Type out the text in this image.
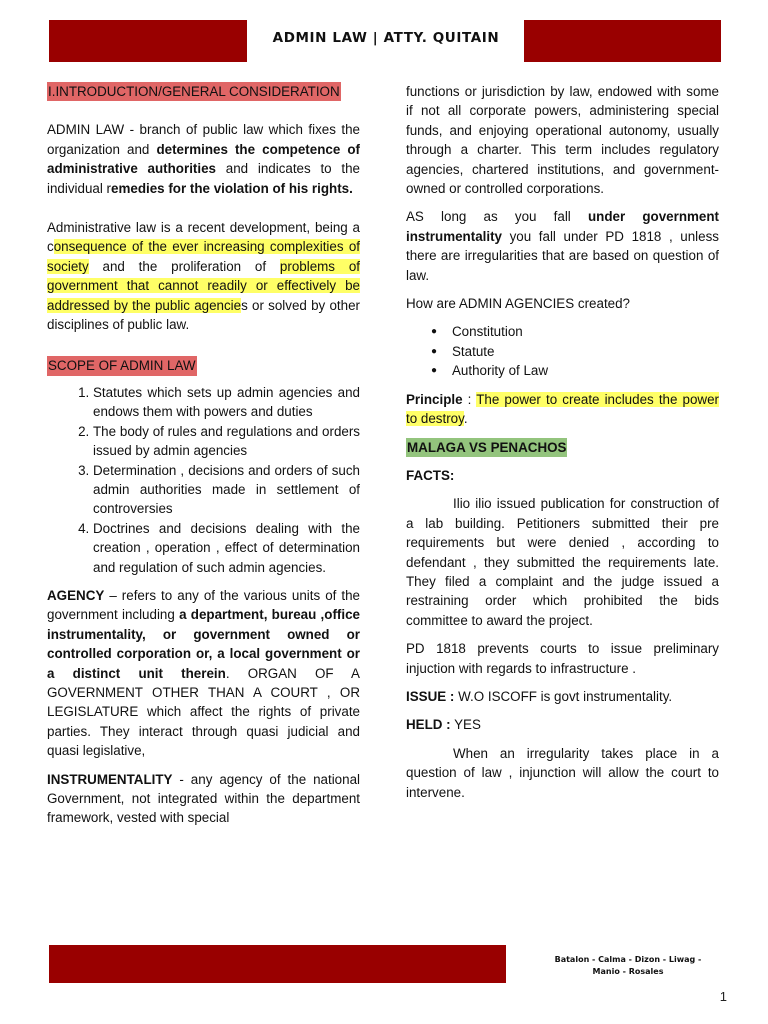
ADMIN LAW | ATTY. QUITAIN
I.INTRODUCTION/GENERAL CONSIDERATION

ADMIN LAW - branch of public law which fixes the organization and determines the competence of administrative authorities and indicates to the individual remedies for the violation of his rights.

Administrative law is a recent development, being a consequence of the ever increasing complexities of society and the proliferation of problems of government that cannot readily or effectively be addressed by the public agencies or solved by other disciplines of public law.

SCOPE OF ADMIN LAW
1. Statutes which sets up admin agencies and endows them with powers and duties
2. The body of rules and regulations and orders issued by admin agencies
3. Determination , decisions and orders of such admin authorities made in settlement of controversies
4. Doctrines and decisions dealing with the creation , operation , effect of determination and regulation of such admin agencies.

AGENCY – refers to any of the various units of the government including a department, bureau ,office instrumentality, or government owned or controlled corporation or, a local government or a distinct unit therein. ORGAN OF A GOVERNMENT OTHER THAN A COURT , OR LEGISLATURE which affect the rights of private parties. They interact through quasi judicial and quasi legislative,

INSTRUMENTALITY - any agency of the national Government, not integrated within the department framework, vested with special

functions or jurisdiction by law, endowed with some if not all corporate powers, administering special funds, and enjoying operational autonomy, usually through a charter. This term includes regulatory agencies, chartered institutions, and government-owned or controlled corporations.

AS long as you fall under government instrumentality you fall under PD 1818 , unless there are irregularities that are based on question of law.

How are ADMIN AGENCIES created?

● Constitution
● Statute
● Authority of Law

Principle : The power to create includes the power to destroy.

MALAGA VS PENACHOS

FACTS:

Ilio ilio issued publication for construction of a lab building. Petitioners submitted their pre requirements but were denied , according to defendant , they submitted the requirements late. They filed a complaint and the judge issued a restraining order which prohibited the bids committee to award the project.

PD 1818 prevents courts to issue preliminary injuction with regards to infrastructure .

ISSUE : W.O ISCOFF is govt instrumentality.

HELD : YES

When an irregularity takes place in a question of law , injunction will allow the court to intervene.

Batalon - Calma - Dizon - Liwag -
Manio - Rosales
1
